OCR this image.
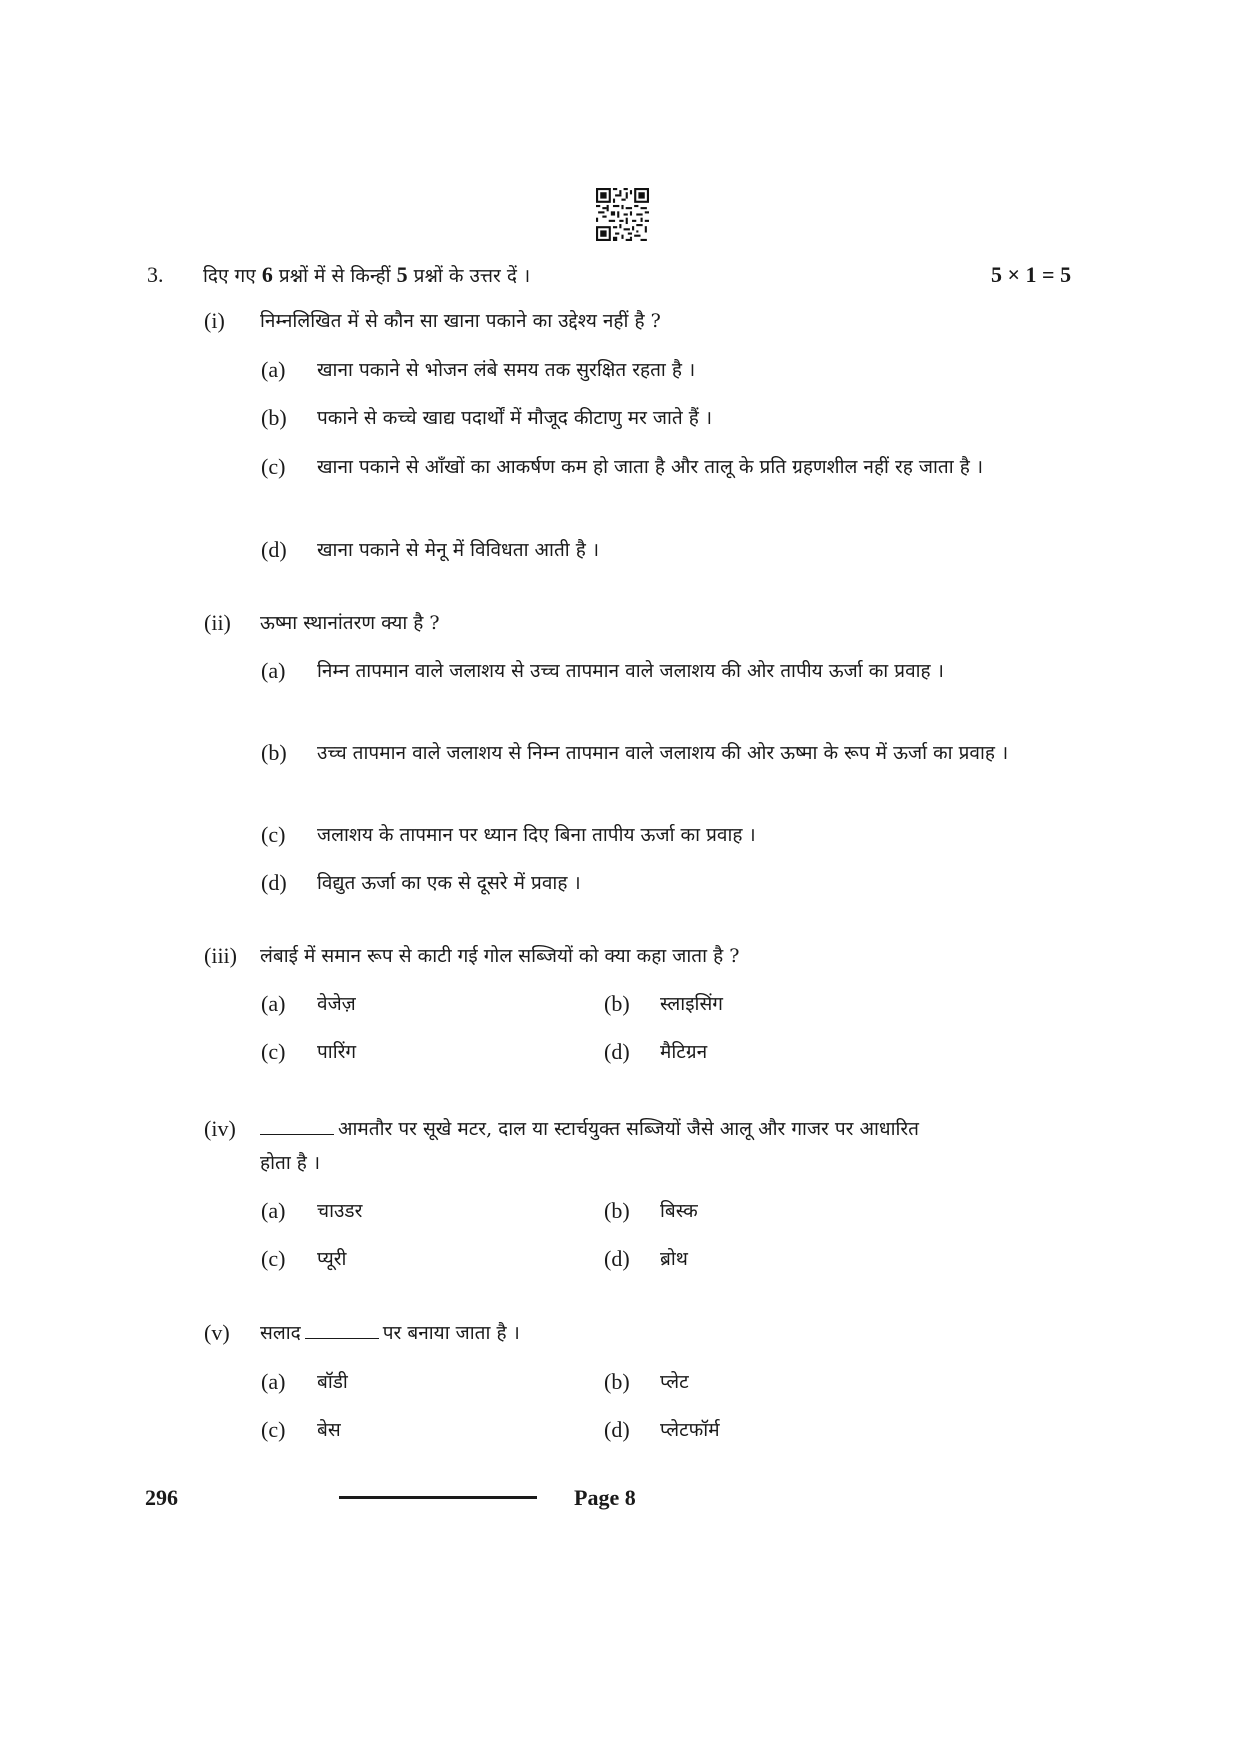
3. दिए गए 6 प्रश्नों में से किन्हीं 5 प्रश्नों के उत्तर दें ।	5 × 1 = 5
(i) निम्नलिखित में से कौन सा खाना पकाने का उद्देश्य नहीं है ?
(a) खाना पकाने से भोजन लंबे समय तक सुरक्षित रहता है ।
(b) पकाने से कच्चे खाद्य पदार्थों में मौजूद कीटाणु मर जाते हैं ।
(c) खाना पकाने से आँखों का आकर्षण कम हो जाता है और तालू के प्रति ग्रहणशील नहीं रह जाता है ।
(d) खाना पकाने से मेनू में विविधता आती है ।
(ii) ऊष्मा स्थानांतरण क्या है ?
(a) निम्न तापमान वाले जलाशय से उच्च तापमान वाले जलाशय की ओर तापीय ऊर्जा का प्रवाह ।
(b) उच्च तापमान वाले जलाशय से निम्न तापमान वाले जलाशय की ओर ऊष्मा के रूप में ऊर्जा का प्रवाह ।
(c) जलाशय के तापमान पर ध्यान दिए बिना तापीय ऊर्जा का प्रवाह ।
(d) विद्युत ऊर्जा का एक से दूसरे में प्रवाह ।
(iii) लंबाई में समान रूप से काटी गई गोल सब्जियों को क्या कहा जाता है ?
(a) वेजेज़	(b) स्लाइसिंग
(c) पारिंग	(d) मैटिग्रन
(iv)	आमतौर पर सूखे मटर, दाल या स्टार्चयुक्त सब्जियों जैसे आलू और गाजर पर आधारित
होता है ।
(a) चाउडर	(b) बिस्क
(c) प्यूरी	(d) ब्रोथ
(v) सलाद	पर बनाया जाता है ।
(a) बॉडी	(b) प्लेट
(c) बेस	(d) प्लेटफॉर्म
296	Page 8
